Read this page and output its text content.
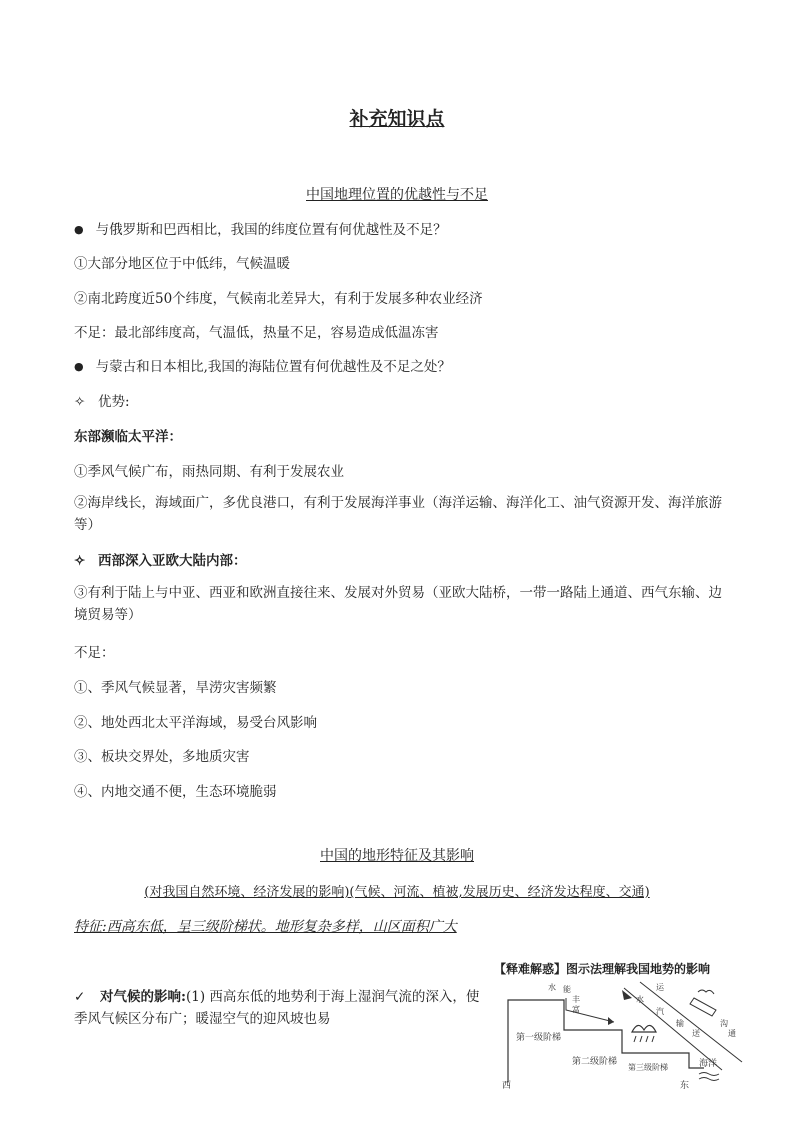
补充知识点
中国地理位置的优越性与不足
● 与俄罗斯和巴西相比，我国的纬度位置有何优越性及不足？
①大部分地区位于中低纬，气候温暖
②南北跨度近50个纬度，气候南北差异大，有利于发展多种农业经济
不足：最北部纬度高，气温低，热量不足，容易造成低温冻害
● 与蒙古和日本相比,我国的海陆位置有何优越性及不足之处？
✧ 优势:
东部濒临太平洋：
①季风气候广布，雨热同期、有利于发展农业
②海岸线长，海域面广，多优良港口，有利于发展海洋事业（海洋运输、海洋化工、油气资源开发、海洋旅游等）
✧ 西部深入亚欧大陆内部：
③有利于陆上与中亚、西亚和欧洲直接往来、发展对外贸易（亚欧大陆桥，一带一路陆上通道、西气东输、边境贸易等）
不足：
①、季风气候显著，旱涝灾害频繁
②、地处西北太平洋海域，易受台风影响
③、板块交界处，多地质灾害
④、内地交通不便，生态环境脆弱
中国的地形特征及其影响
(对我国自然环境、经济发展的影响)(气候、河流、植被,发展历史、经济发达程度、交通)
特征:西高东低，呈三级阶梯状。地形复杂多样，山区面积广大
✓ 对气候的影响:(1) 西高东低的地势利于海上湿润气流的深入，使季风气候区分布广；暖湿空气的迎风坡也易
【释难解惑】图示法理解我国地势的影响
第一级阶梯
第二级阶梯
第三级阶梯	海洋
西	东
水 能
丰
富
水
运
汽
输
送
沟
通
